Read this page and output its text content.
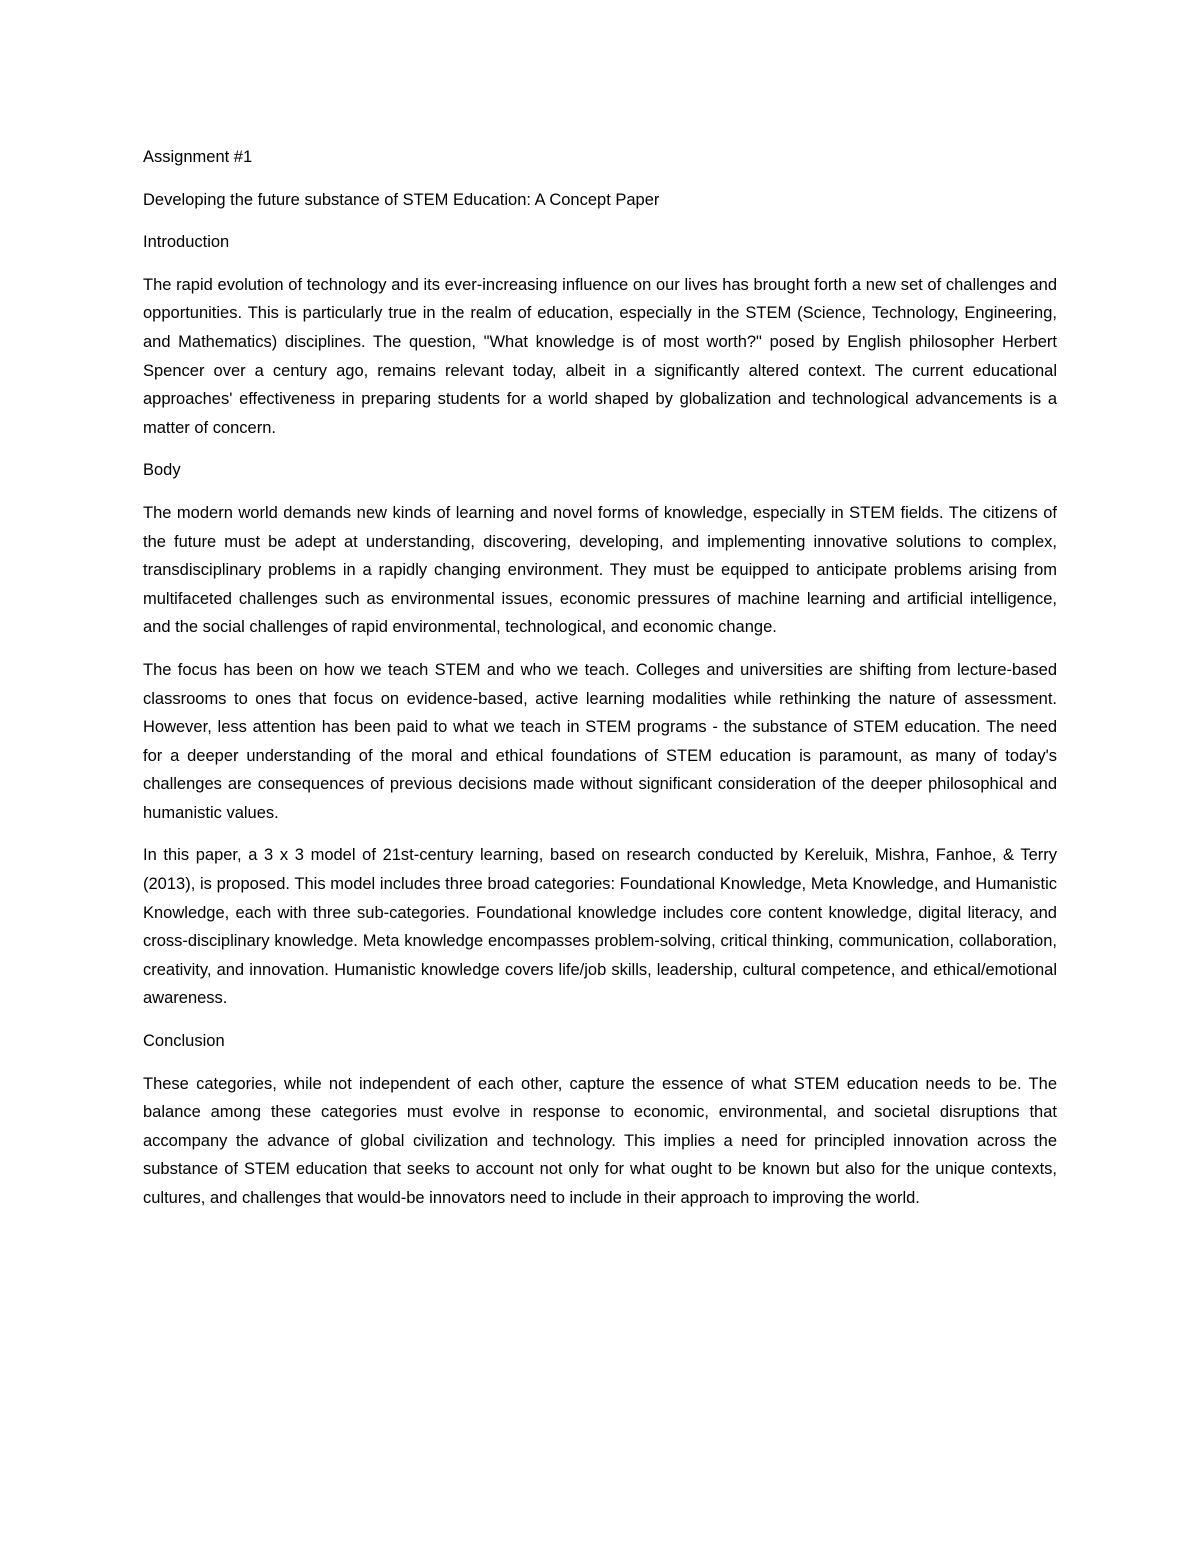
Assignment #1

Developing the future substance of STEM Education: A Concept Paper

Introduction

The rapid evolution of technology and its ever-increasing influence on our lives has brought forth a new set of challenges and opportunities. This is particularly true in the realm of education, especially in the STEM (Science, Technology, Engineering, and Mathematics) disciplines. The question, "What knowledge is of most worth?" posed by English philosopher Herbert Spencer over a century ago, remains relevant today, albeit in a significantly altered context. The current educational approaches' effectiveness in preparing students for a world shaped by globalization and technological advancements is a matter of concern.

Body

The modern world demands new kinds of learning and novel forms of knowledge, especially in STEM fields. The citizens of the future must be adept at understanding, discovering, developing, and implementing innovative solutions to complex, transdisciplinary problems in a rapidly changing environment. They must be equipped to anticipate problems arising from multifaceted challenges such as environmental issues, economic pressures of machine learning and artificial intelligence, and the social challenges of rapid environmental, technological, and economic change.

The focus has been on how we teach STEM and who we teach. Colleges and universities are shifting from lecture-based classrooms to ones that focus on evidence-based, active learning modalities while rethinking the nature of assessment. However, less attention has been paid to what we teach in STEM programs - the substance of STEM education. The need for a deeper understanding of the moral and ethical foundations of STEM education is paramount, as many of today's challenges are consequences of previous decisions made without significant consideration of the deeper philosophical and humanistic values.

In this paper, a 3 x 3 model of 21st-century learning, based on research conducted by Kereluik, Mishra, Fanhoe, & Terry (2013), is proposed. This model includes three broad categories: Foundational Knowledge, Meta Knowledge, and Humanistic Knowledge, each with three sub-categories. Foundational knowledge includes core content knowledge, digital literacy, and cross-disciplinary knowledge. Meta knowledge encompasses problem-solving, critical thinking, communication, collaboration, creativity, and innovation. Humanistic knowledge covers life/job skills, leadership, cultural competence, and ethical/emotional awareness.

Conclusion

These categories, while not independent of each other, capture the essence of what STEM education needs to be. The balance among these categories must evolve in response to economic, environmental, and societal disruptions that accompany the advance of global civilization and technology. This implies a need for principled innovation across the substance of STEM education that seeks to account not only for what ought to be known but also for the unique contexts, cultures, and challenges that would-be innovators need to include in their approach to improving the world.
